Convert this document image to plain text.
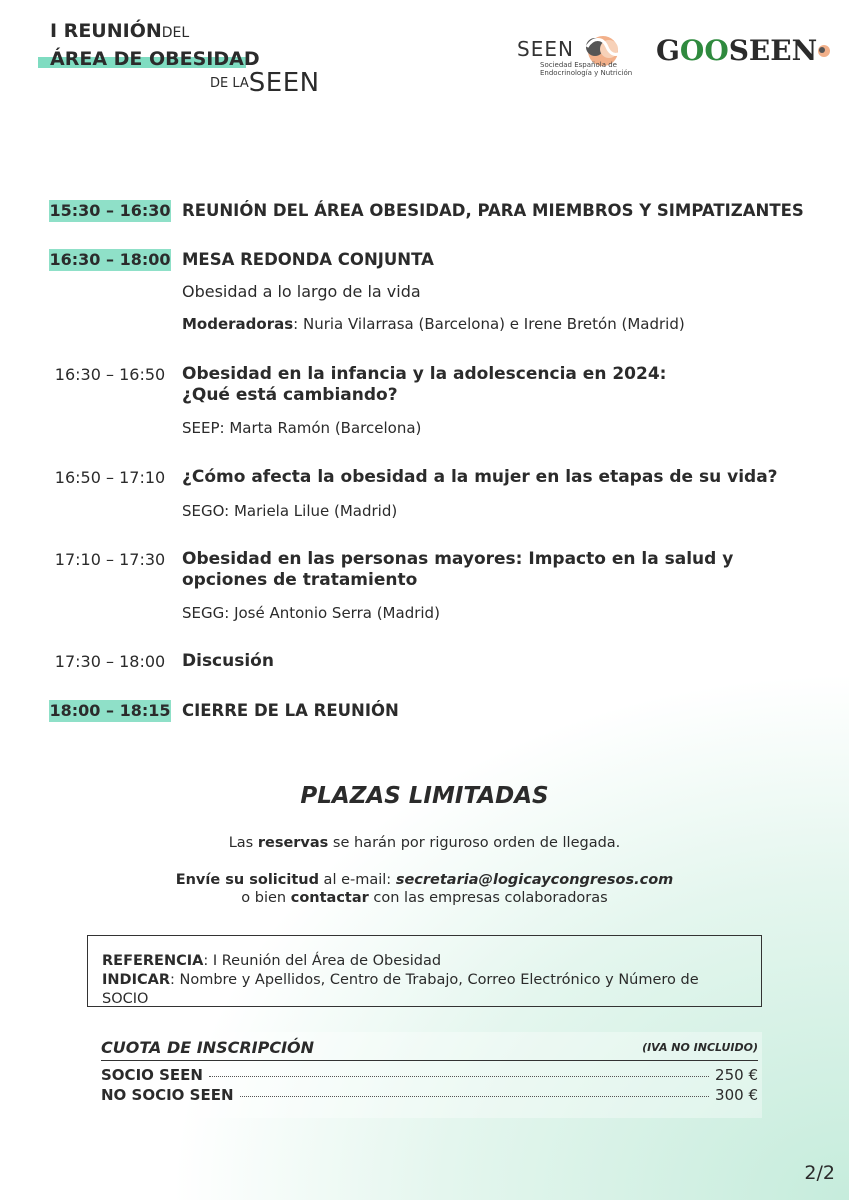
I REUNIÓNDEL
ÁREA DE OBESIDAD
$^{DE LA}$SEEN
SEEN
Sociedad Española de
Endocrinología y Nutrición
GOOSEEN
15:30 – 16:30 REUNIÓN DEL ÁREA OBESIDAD, PARA MIEMBROS Y SIMPATIZANTES
16:30 – 18:00 MESA REDONDA CONJUNTA
Obesidad a lo largo de la vida
Moderadoras: Nuria Vilarrasa (Barcelona) e Irene Bretón (Madrid)
16:30 – 16:50 Obesidad en la infancia y la adolescencia en 2024: ¿Qué está cambiando?
SEEP: Marta Ramón (Barcelona)
16:50 – 17:10 ¿Cómo afecta la obesidad a la mujer en las etapas de su vida?
SEGO: Mariela Lilue (Madrid)
17:10 – 17:30 Obesidad en las personas mayores: Impacto en la salud y opciones de tratamiento
SEGG: José Antonio Serra (Madrid)
17:30 – 18:00 Discusión
18:00 – 18:15 CIERRE DE LA REUNIÓN
PLAZAS LIMITADAS
Las reservas se harán por riguroso orden de llegada.
Envíe su solicitud al e-mail: secretaria@logicaycongresos.com
o bien contactar con las empresas colaboradoras
REFERENCIA: I Reunión del Área de Obesidad
INDICAR: Nombre y Apellidos, Centro de Trabajo, Correo Electrónico y Número de SOCIO
CUOTA DE INSCRIPCIÓN	(IVA NO INCLUIDO)
SOCIO SEEN	250 €
NO SOCIO SEEN	300 €
2/2
